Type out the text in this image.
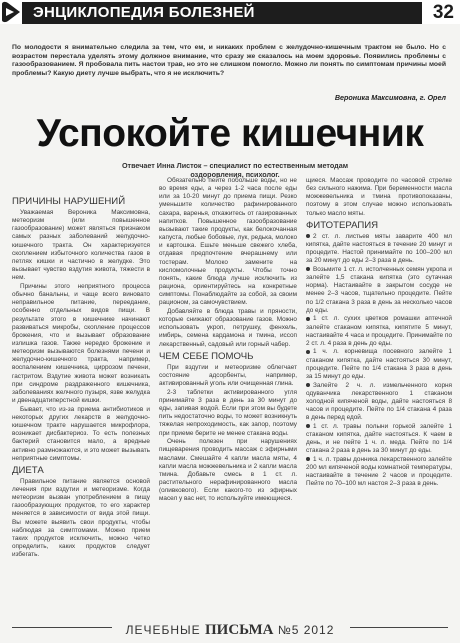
ЭНЦИКЛОПЕДИЯ БОЛЕЗНЕЙ	32
По молодости я внимательно следила за тем, что ем, и никаких проблем с желудочно-кишечным трактом не было. Но с возрастом перестала уделять этому должное внимание, что сразу же сказалось на моем здоровье. Появились проблемы с газообразованием. Я пробовала пить настои трав, но это не слишком помогло. Можно ли понять по симптомам причины моей проблемы? Какую диету лучше выбрать, что я не исключить?
Вероника Максимовна, г. Орел
Успокойте кишечник
Отвечает Инна Листок – специалист по естественным методам оздоровления, психолог.
ПРИЧИНЫ НАРУШЕНИЙ

Уважаемая Вероника Максимовна, метеоризм (или повышенное газообразование) может являться признаком самых разных заболеваний желудочно-кишечного тракта. Он характеризуется скоплением избыточного количества газов в петлях кишки и частично в желудке. Это вызывает чувство вздутия живота, тяжести в нем.

Причины этого неприятного процесса обычно банальны, и чаще всего виновато неправильное питание, переедание, особенно отдельных видов пищи. В результате этого в кишечнике начинают развиваться микробы, скопление процессов брожения, что и вызывает образование излишка газов. Также нередко брожение и метеоризм вызываются болезнями печени и желудочно-кишечного тракта, например, воспалением кишечника, циррозом печени, гастритом. Вздутие живота может возникать при синдроме раздраженного кишечника, заболеваниях желчного пузыря, язве желудка и двенадцатиперстной кишки.

Бывает, что из-за приема антибиотиков и некоторых других лекарств в желудочно-кишечном тракте нарушается микрофлора, возникает дисбактериоз. То есть полезных бактерий становится мало, а вредные активно размножаются, и это может вызывать неприятные симптомы.

ДИЕТА

Правильное питание является основой лечения при вздутии и метеоризме. Когда метеоризм вызван употреблением в пищу газообразующих продуктов, то его характер меняется в зависимости от вида этой пищи. Вы можете выявить свои продукты, чтобы наблюдая за симптомами. Можно прием таких продуктов исключить, можно четко определить, каких продуктов следует избегать.

Обязательно пейте побольше воды, но не во время еды, а через 1-2 часа после еды или за 10-20 минут до приема пищи. Резко уменьшите количество рафинированного сахара, варенья, откажитесь от газированных напитков. Повышенное газообразование вызывают такие продукты, как белокочанная капуста, любые бобовые, лук, редька, молоко и картошка. Ешьте меньше свежего хлеба, отдавая предпочтение вчерашнему или тостерам. Молоко замените на кисломолочные продукты. Чтобы точно понять, какие блюда лучше исключить из рациона, ориентируйтесь на конкретные симптомы. Понаблюдайте за собой, за своим рационом, за самочувствием.

Добавляйте в блюда травы и пряности, которые снижают образование газов. Можно использовать укроп, петрушку, фенхель, имбирь, семена кардамона и тмина, иссоп лекарственный, садовый или горный чабер.

ЧЕМ СЕБЕ ПОМОЧЬ

При вздутии и метеоризме облегчает состояние адсорбенты, например, активированный уголь или очищенная глина.

2-3 таблетки активированного угля принимайте 3 раза в день за 30 минут до еды, запивая водой. Если при этом вы будете пить недостаточно воды, то может возникнуть тяжелая непроходимость, как запор, поэтому при приеме берите не менее стакана воды.

Очень полезен при нарушениях пищеварения проводить массаж с эфирными маслами. Смешайте 4 капли масла мяты, 4 капли масла можжевельника и 2 капли масла тмина. Добавьте смесь в 1 ст. л. растительного нерафинированного масла (оливкового). Если какого-то из эфирных масел у вас нет, то используйте имеющиеся.

щиеся. Массаж проводите по часовой стрелке без сильного нажима. При беременности масла можжевельника и тмина противопоказаны, поэтому в этом случае можно использовать только масло мяты.

ФИТОТЕРАПИЯ

2 ст. л. листьев мяты заварите 400 мл кипятка, дайте настояться в течение 20 минут и процедите. Настой принимайте по 100–200 мл за 20 минут до еды 2–3 раза в день.

Возьмите 1 ст. л. истолченных семян укропа и залейте 1,5 стакана кипятка (это сутачная норма). Настаивайте в закрытом сосуде не менее 2–3 часов, тщательно процедите. Пейте по 1/2 стакана 3 раза в день за несколько часов до еды.

1 ст. л. сухих цветков ромашки аптечной залейте стаканом кипятка, кипятите 5 минут, настаивайте 4 часа и процедите. Принимайте по 2 ст. л. 4 раза в день до еды.

1 ч. л. корневища посевного залейте 1 стаканом кипятка, дайте настояться 30 минут, процедите. Пейте по 1/4 стакана 3 раза в день за 15 минут до еды.

Залейте 2 ч. л. измельченного корня одуванчика лекарственного 1 стаканом холодной кипяченой воды, дайте настояться 8 часов и процедите. Пейте по 1/4 стакана 4 раза в день перед едой.

1 ст. л. травы полыни горькой залейте 1 стаканом кипятка, дайте настояться. К чаем в день, и не пейте 1 ч. л. меда. Пейте по 1/4 стакана 2 раза в день за 30 минут до еды.

1 ч. л. травы донника лекарственного залейте 200 мл кипяченой воды комнатной температуры, настаивайте в течение 2 часов и процедите. Пейте по 70–100 мл настоя 2–3 раза в день.

ЛЕЧЕБНЫЕ ПИСЬМА №5 2012
